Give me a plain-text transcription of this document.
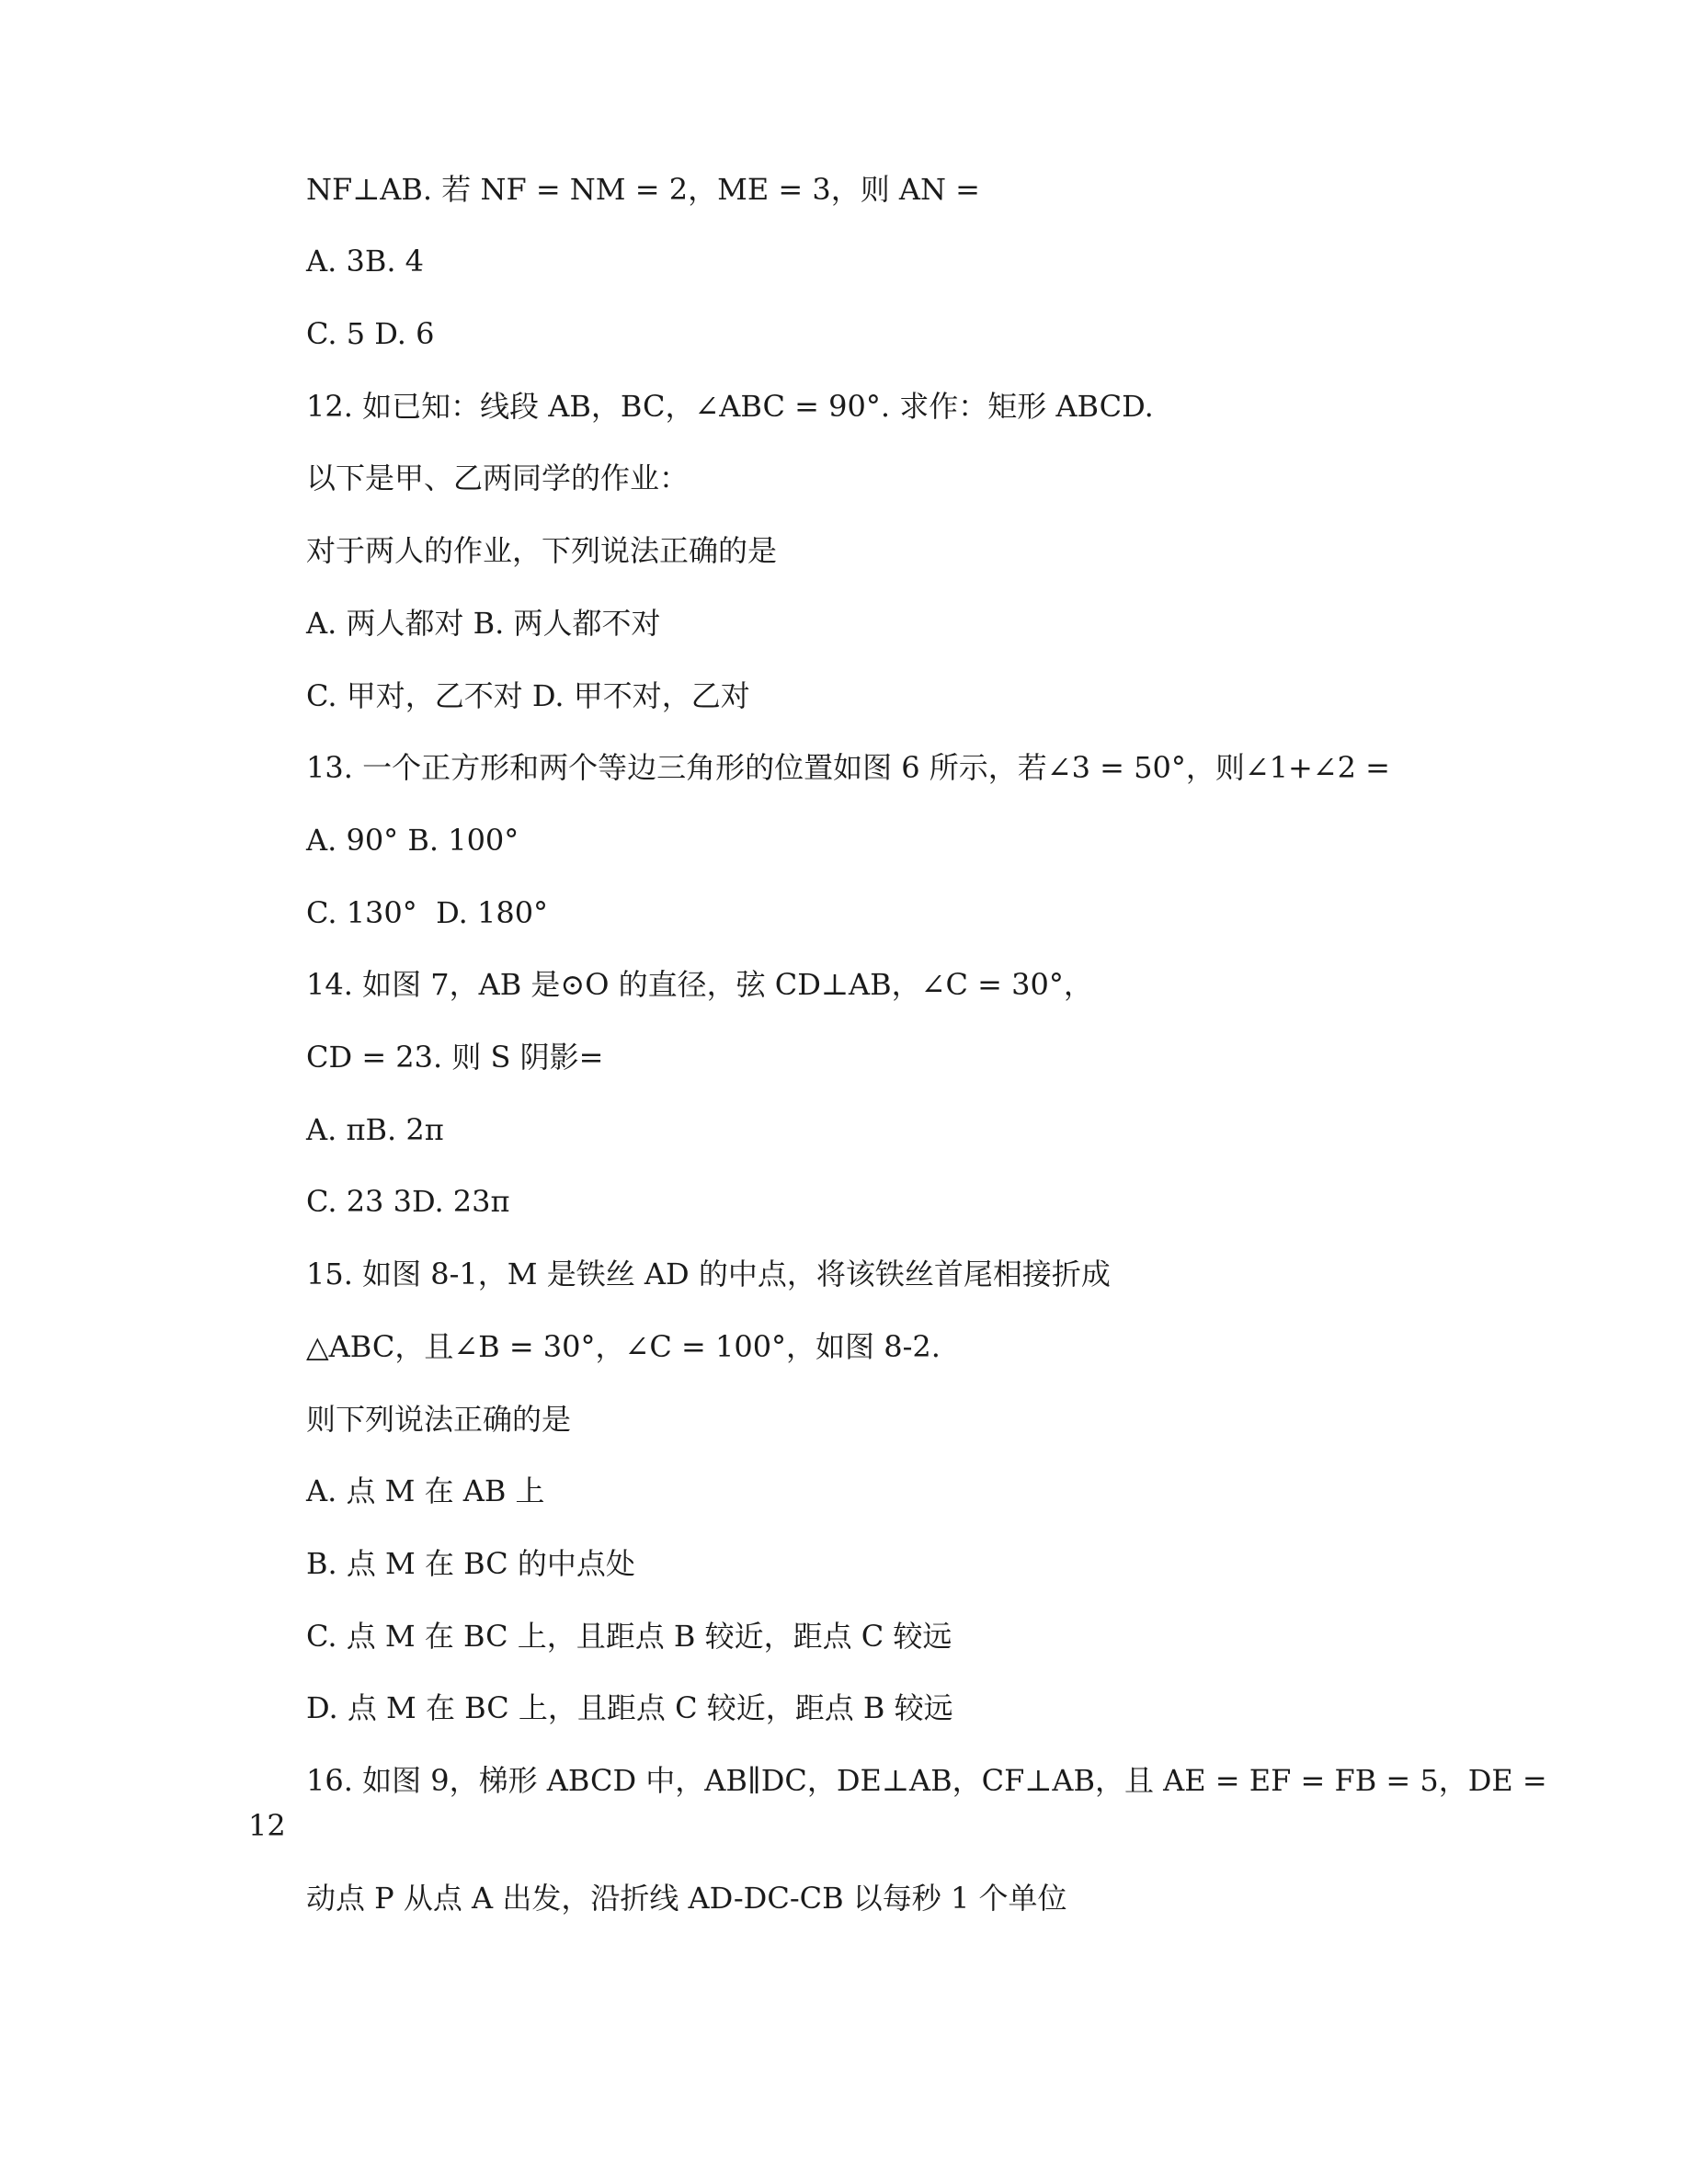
NF⊥AB. 若 NF = NM = 2，ME = 3，则 AN =

A. 3B. 4

C. 5 D. 6

12. 如已知：线段 AB，BC，∠ABC = 90°. 求作：矩形 ABCD.

以下是甲、乙两同学的作业：

对于两人的作业，下列说法正确的是

A. 两人都对 B. 两人都不对

C. 甲对，乙不对 D. 甲不对，乙对

13. 一个正方形和两个等边三角形的位置如图 6 所示，若∠3 = 50°，则∠1+∠2 =

A. 90° B. 100°

C. 130°  D. 180°

14. 如图 7，AB 是⊙O 的直径，弦 CD⊥AB，∠C = 30°，

CD = 23. 则 S 阴影=

A. πB. 2π

C. 23 3D. 23π

15. 如图 8-1，M 是铁丝 AD 的中点，将该铁丝首尾相接折成

△ABC，且∠B = 30°，∠C = 100°，如图 8-2.

则下列说法正确的是

A. 点 M 在 AB 上

B. 点 M 在 BC 的中点处

C. 点 M 在 BC 上，且距点 B 较近，距点 C 较远

D. 点 M 在 BC 上，且距点 C 较近，距点 B 较远

16. 如图 9，梯形 ABCD 中，AB∥DC，DE⊥AB，CF⊥AB，且 AE = EF = FB = 5，DE =

12

动点 P 从点 A 出发，沿折线 AD-DC-CB 以每秒 1 个单位
